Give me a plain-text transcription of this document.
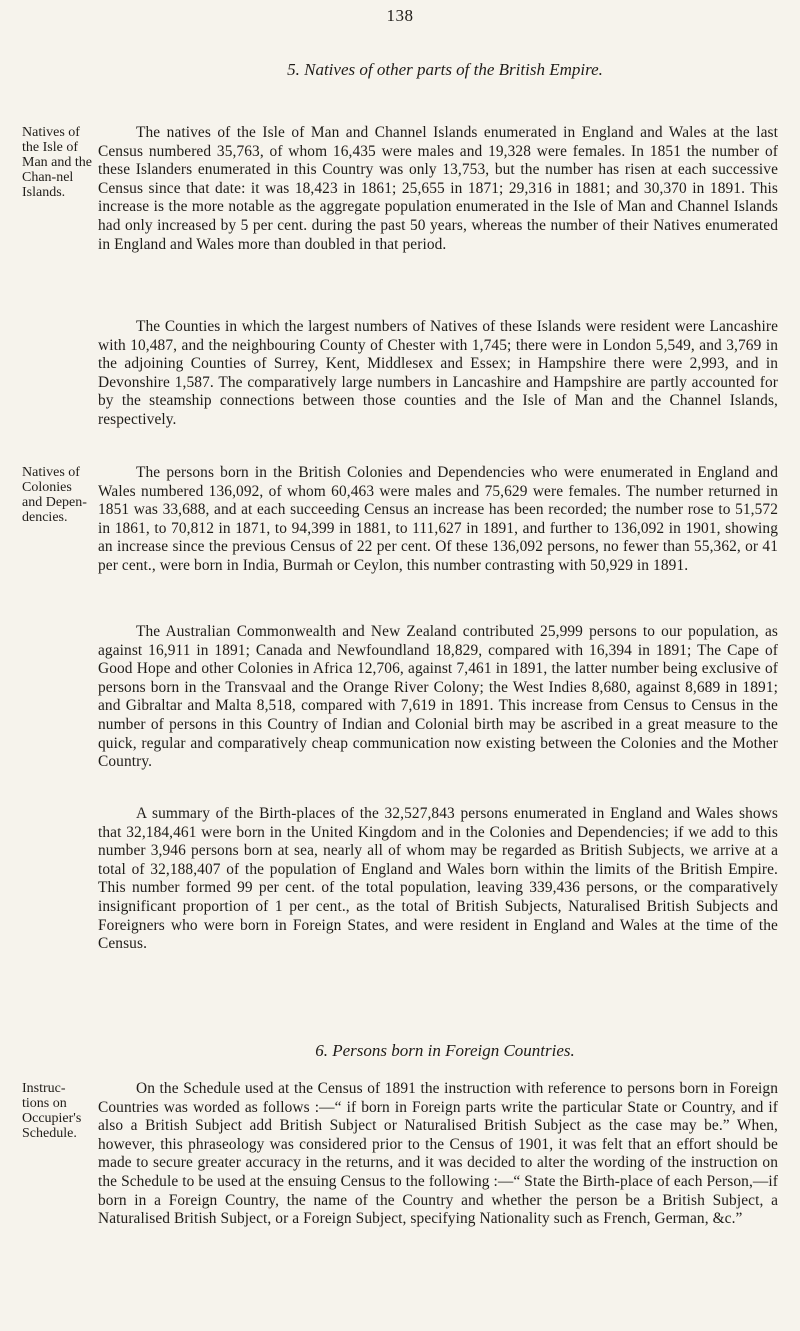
138
5. Natives of other parts of the British Empire.
Natives of the Isle of Man and the Chan-nel Islands.

The natives of the Isle of Man and Channel Islands enumerated in England and Wales at the last Census numbered 35,763, of whom 16,435 were males and 19,328 were females. In 1851 the number of these Islanders enumerated in this Country was only 13,753, but the number has risen at each successive Census since that date: it was 18,423 in 1861; 25,655 in 1871; 29,316 in 1881; and 30,370 in 1891. This increase is the more notable as the aggregate population enumerated in the Isle of Man and Channel Islands had only increased by 5 per cent. during the past 50 years, whereas the number of their Natives enumerated in England and Wales more than doubled in that period.

The Counties in which the largest numbers of Natives of these Islands were resident were Lancashire with 10,487, and the neighbouring County of Chester with 1,745; there were in London 5,549, and 3,769 in the adjoining Counties of Surrey, Kent, Middlesex and Essex; in Hampshire there were 2,993, and in Devonshire 1,587. The comparatively large numbers in Lancashire and Hampshire are partly accounted for by the steamship connections between those counties and the Isle of Man and the Channel Islands, respectively.

Natives of Colonies and Depen-dencies.

The persons born in the British Colonies and Dependencies who were enumerated in England and Wales numbered 136,092, of whom 60,463 were males and 75,629 were females. The number returned in 1851 was 33,688, and at each succeeding Census an increase has been recorded; the number rose to 51,572 in 1861, to 70,812 in 1871, to 94,399 in 1881, to 111,627 in 1891, and further to 136,092 in 1901, showing an increase since the previous Census of 22 per cent. Of these 136,092 persons, no fewer than 55,362, or 41 per cent., were born in India, Burmah or Ceylon, this number contrasting with 50,929 in 1891.

The Australian Commonwealth and New Zealand contributed 25,999 persons to our population, as against 16,911 in 1891; Canada and Newfoundland 18,829, compared with 16,394 in 1891; The Cape of Good Hope and other Colonies in Africa 12,706, against 7,461 in 1891, the latter number being exclusive of persons born in the Transvaal and the Orange River Colony; the West Indies 8,680, against 8,689 in 1891; and Gibraltar and Malta 8,518, compared with 7,619 in 1891. This increase from Census to Census in the number of persons in this Country of Indian and Colonial birth may be ascribed in a great measure to the quick, regular and comparatively cheap communication now existing between the Colonies and the Mother Country.

A summary of the Birth-places of the 32,527,843 persons enumerated in England and Wales shows that 32,184,461 were born in the United Kingdom and in the Colonies and Dependencies; if we add to this number 3,946 persons born at sea, nearly all of whom may be regarded as British Subjects, we arrive at a total of 32,188,407 of the population of England and Wales born within the limits of the British Empire. This number formed 99 per cent. of the total population, leaving 339,436 persons, or the comparatively insignificant proportion of 1 per cent., as the total of British Subjects, Naturalised British Subjects and Foreigners who were born in Foreign States, and were resident in England and Wales at the time of the Census.

6. Persons born in Foreign Countries.
Instruc-tions on Occupier's Schedule.

On the Schedule used at the Census of 1891 the instruction with reference to persons born in Foreign Countries was worded as follows :—“ if born in Foreign parts write the particular State or Country, and if also a British Subject add British Subject or Naturalised British Subject as the case may be.” When, however, this phraseology was considered prior to the Census of 1901, it was felt that an effort should be made to secure greater accuracy in the returns, and it was decided to alter the wording of the instruction on the Schedule to be used at the ensuing Census to the following :—“ State the Birth-place of each Person,—if born in a Foreign Country, the name of the Country and whether the person be a British Subject, a Naturalised British Subject, or a Foreign Subject, specifying Nationality such as French, German, &c.”
